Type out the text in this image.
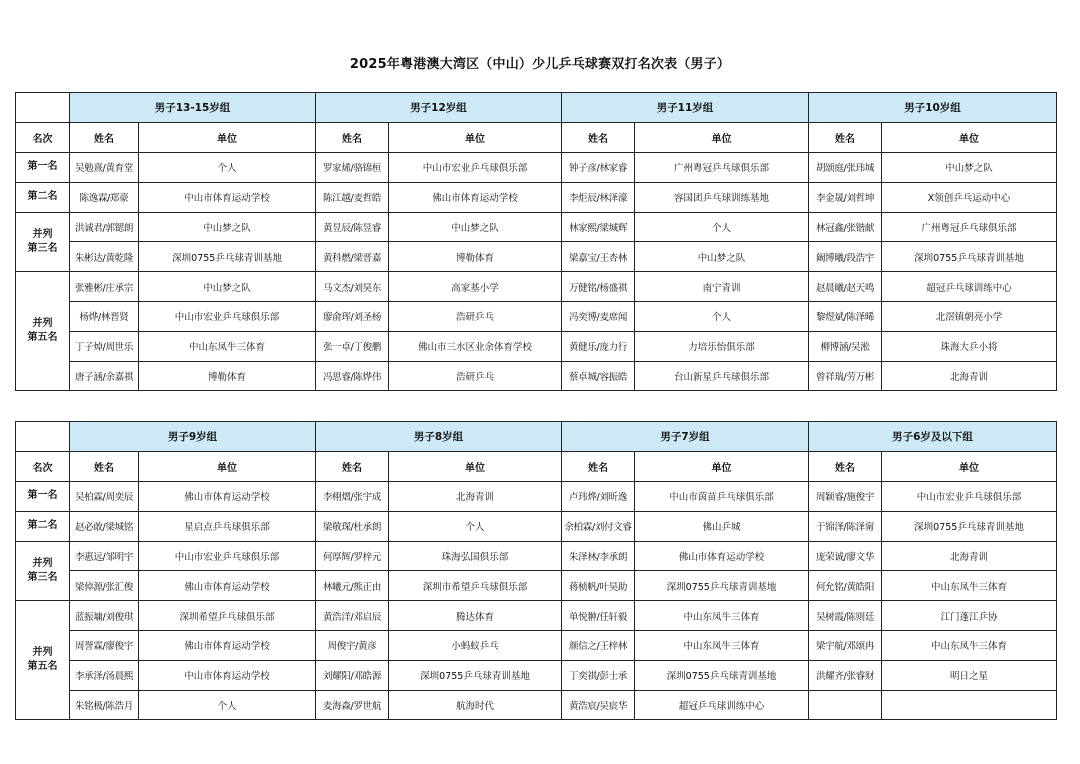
2025年粤港澳大湾区（中山）少儿乒乓球赛双打名次表（男子）
	男子13-15岁组		男子12岁组		男子11岁组		男子10岁组	
名次	姓名	单位	姓名	单位	姓名	单位	姓名	单位
第一名	吴勉熹/黄育堂	个人	罗家烯/骆锦桓	中山市宏业乒乓球俱乐部	钟子彦/林家睿	广州粤冠乒乓球俱乐部	胡颂庭/张玮城	中山梦之队
第二名	陈逸霖/郑豪	中山市体育运动学校	陈江越/麦哲皓	佛山市体育运动学校	李炬辰/林泽濠	容国团乒乓球训练基地	李金晟/刘哲坤	X领创乒乓运动中心
并列
第三名	洪诚君/郭锶朗	中山梦之队	黄昱辰/陈昱睿	中山梦之队	林家熙/梁城辉	个人	林冠鑫/张锴献	广州粤冠乒乓球俱乐部
	朱彬达/黄乾隆	深圳0755乒乓球青训基地	黄科燃/梁晋嘉	博勒体育	梁嘉宝/王杏林	中山梦之队	阚博曦/段浩宇	深圳0755乒乓球青训基地
并列
第五名	张雅彬/庄承宗	中山梦之队	马文杰/刘昊东	高家基小学	万健铭/杨盛祺	南宁青训	赵晨曦/赵天鸣	超冠乒乓球训练中心
	杨烨/林晋贤	中山市宏业乒乓球俱乐部	廖俞珲/刘圣杨	浩研乒乓	冯奕博/麦席闻	个人	黎煜斌/陈泽晞	北滘镇朝亮小学
	丁子焯/周世乐	中山东凤牛三体育	张一卓/丁俊鹏	佛山市三水区业余体育学校	黄健乐/庞力行	力培乐怡俱乐部	柳博涵/吴淞	珠海大乒小将
	唐子涵/余嘉祺	博勒体育	冯思睿/陈烨伟	浩研乒乓	蔡卓城/容振皓	台山新星乒乓球俱乐部	曾祥瑞/劳万彬	北海青训
	男子9岁组		男子8岁组		男子7岁组		男子6岁及以下组	
名次	姓名	单位	姓名	单位	姓名	单位	姓名	单位
第一名	吴柏霖/周奕辰	佛山市体育运动学校	李栩熠/张宇成	北海青训	卢玮烨/刘昕逸	中山市茵苗乒乓球俱乐部	周颖睿/施俊宇	中山市宏业乒乓球俱乐部
第二名	赵必敢/梁城铭	星启点乒乓球俱乐部	梁敬琛/杜承朗	个人	余柏霖/刘付文睿	佛山乒城	于锦泽/陈泽甯	深圳0755乒乓球青训基地
并列
第三名	李惠远/邹明宇	中山市宏业乒乓球俱乐部	何厚辉/罗梓元	珠海弘国俱乐部	朱泽林/李承朗	佛山市体育运动学校	庞荣诚/廖文华	北海青训
	梁倬源/张汇俊	佛山市体育运动学校	林曦元/熊正由	深圳市希望乒乓球俱乐部	蒋桢帆/叶昊助	深圳0755乒乓球青训基地	何允铭/黄皓阳	中山东凤牛三体育
并列
第五名	蓝振墉/刘俊琪	深圳希望乒乓球俱乐部	黄浩洋/邓启辰	腾达体育	单悦翀/任轩毅	中山东凤牛三体育	吴树霞/陈则廷	江门蓬江乒协
	周誉霖/廖俊宇	佛山市体育运动学校	周俊宇/黄彦	小蚂蚁乒乓	颜信之/王梓林	中山东凤牛三体育	梁宇航/邓颂冉	中山东凤牛三体育
	李承泽/汤晨熙	中山市体育运动学校	刘耀阳/邓皓源	深圳0755乒乓球青训基地	丁奕祺/彭士承	深圳0755乒乓球青训基地	洪耀齐/张睿财	明日之星
	朱铭极/陈浩月	个人	麦海森/罗世航	航海时代	黄浩宸/吴宸华	超冠乒乓球训练中心		
